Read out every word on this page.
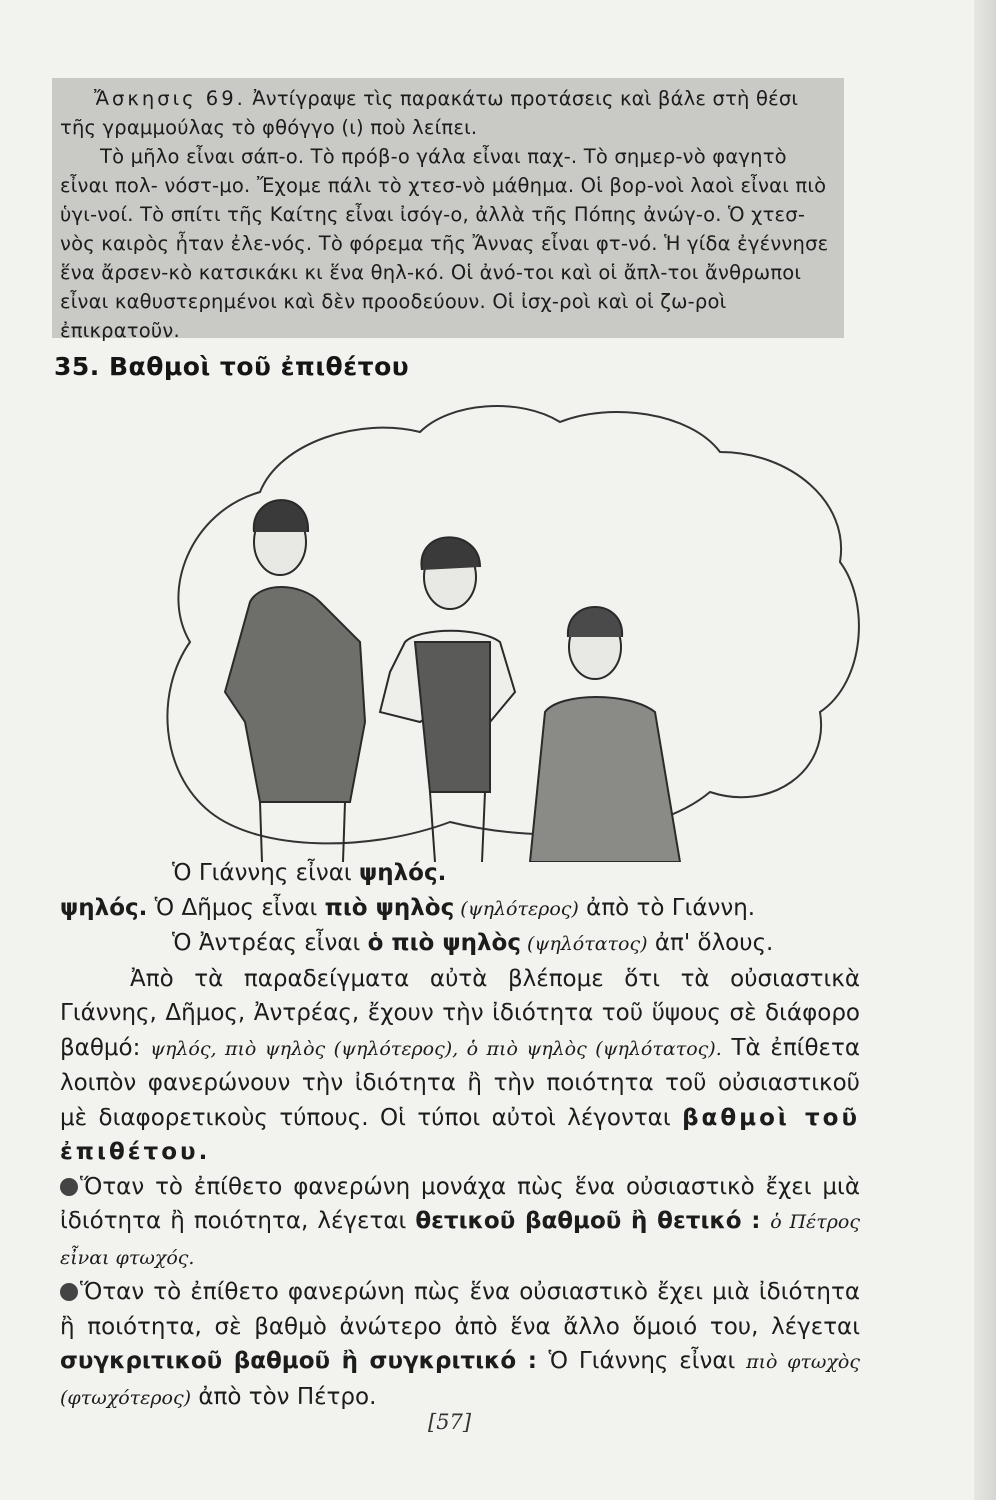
Ἄσκησις 69. Ἀντίγραψε τὶς παρακάτω προτάσεις καὶ βάλε στὴ θέσι τῆς γραμμούλας τὸ φθόγγο (ι) ποὺ λείπει.

Τὸ μῆλο εἶναι σάπ-ο. Τὸ πρόβ-ο γάλα εἶναι παχ-. Τὸ σημερ-νὸ φαγητὸ εἶναι πολ- νόστ-μο. Ἔχομε πάλι τὸ χτεσ-νὸ μάθημα. Οἱ βορ-νοὶ λαοὶ εἶναι πιὸ ὑγι-νοί. Τὸ σπίτι τῆς Καίτης εἶναι ἰσόγ-ο, ἀλλὰ τῆς Πόπης ἀνώγ-ο. Ὁ χτεσ-νὸς καιρὸς ἦταν ἐλε-νός. Τὸ φόρεμα τῆς Ἄννας εἶναι φτ-νό. Ἡ γίδα ἐγέννησε ἕνα ἄρσεν-κὸ κατσικάκι κι ἕνα θηλ-κό. Οἱ ἀνό-τοι καὶ οἱ ἄπλ-τοι ἄνθρωποι εἶναι καθυστερημένοι καὶ δὲν προοδεύουν. Οἱ ἰσχ-ροὶ καὶ οἱ ζω-ροὶ ἐπικρατοῦν.

35. Βαθμοὶ τοῦ ἐπιθέτου

Ὁ Γιάννης εἶναι ψηλός.

ψηλός. Ὁ Δῆμος εἶναι πιὸ ψηλὸς (ψηλότερος) ἀπὸ τὸ Γιάννη.

Ὁ Ἀντρέας εἶναι ὁ πιὸ ψηλὸς (ψηλότατος) ἀπ' ὅλους.

Ἀπὸ τὰ παραδείγματα αὐτὰ βλέπομε ὅτι τὰ οὐσιαστικὰ Γιάννης, Δῆμος, Ἀντρέας, ἔχουν τὴν ἰδιότητα τοῦ ὕψους σὲ διάφορο βαθμό: ψηλός, πιὸ ψηλὸς (ψηλότερος), ὁ πιὸ ψηλὸς (ψηλότατος). Τὰ ἐπίθετα λοιπὸν φανερώνουν τὴν ἰδιότητα ἢ τὴν ποιότητα τοῦ οὐσιαστικοῦ μὲ διαφορετικοὺς τύπους. Οἱ τύποι αὐτοὶ λέγονται βαθμοὶ τοῦ ἐπιθέτου.

Ὅταν τὸ ἐπίθετο φανερώνη μονάχα πὼς ἕνα οὐσιαστικὸ ἔχει μιὰ ἰδιότητα ἢ ποιότητα, λέγεται θετικοῦ βαθμοῦ ἢ θετικό : ὁ Πέτρος εἶναι φτωχός.

Ὅταν τὸ ἐπίθετο φανερώνη πὼς ἕνα οὐσιαστικὸ ἔχει μιὰ ἰδιότητα ἢ ποιότητα, σὲ βαθμὸ ἀνώτερο ἀπὸ ἕνα ἄλλο ὅμοιό του, λέγεται συγκριτικοῦ βαθμοῦ ἢ συγκριτικό : Ὁ Γιάννης εἶναι πιὸ φτωχὸς (φτωχότερος) ἀπὸ τὸν Πέτρο.

[57]
